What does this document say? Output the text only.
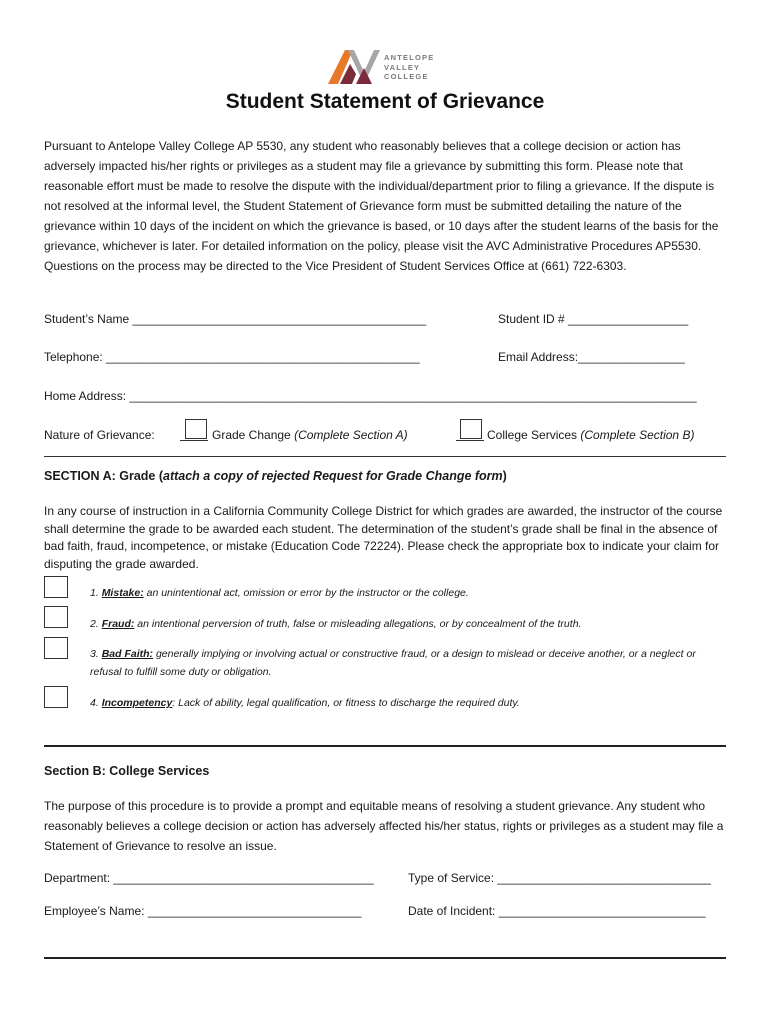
ANTELOPE
VALLEY
COLLEGE
Student Statement of Grievance

Pursuant to Antelope Valley College AP 5530, any student who reasonably believes that a college decision or action has adversely impacted his/her rights or privileges as a student may file a grievance by submitting this form. Please note that reasonable effort must be made to resolve the dispute with the individual/department prior to filing a grievance. If the dispute is not resolved at the informal level, the Student Statement of Grievance form must be submitted detailing the nature of the grievance within 10 days of the incident on which the grievance is based, or 10 days after the student learns of the basis for the grievance, whichever is later. For detailed information on the policy, please visit the AVC Administrative Procedures AP5530. Questions on the process may be directed to the Vice President of Student Services Office at (661) 722-6303.

Student’s Name ____________________________________________	Student ID # __________________
Telephone: _______________________________________________	Email Address:________________
Home Address: _____________________________________________________________________________________
Nature of Grievance:	Grade Change (Complete Section A)	College Services (Complete Section B)
SECTION A: Grade (attach a copy of rejected Request for Grade Change form)

In any course of instruction in a California Community College District for which grades are awarded, the instructor of the course shall determine the grade to be awarded each student. The determination of the student’s grade shall be final in the absence of bad faith, fraud, incompetence, or mistake (Education Code 72224). Please check the appropriate box to indicate your claim for disputing the grade awarded.

1. Mistake: an unintentional act, omission or error by the instructor or the college.
2. Fraud: an intentional perversion of truth, false or misleading allegations, or by concealment of the truth.
3. Bad Faith: generally implying or involving actual or constructive fraud, or a design to mislead or deceive another, or a neglect or refusal to fulfill some duty or obligation.
4. Incompetency: Lack of ability, legal qualification, or fitness to discharge the required duty.
Section B: College Services

The purpose of this procedure is to provide a prompt and equitable means of resolving a student grievance. Any student who reasonably believes a college decision or action has adversely affected his/her status, rights or privileges as a student may file a Statement of Grievance to resolve an issue.

Department: _______________________________________	Type of Service: ________________________________
Employee’s Name: ________________________________	Date of Incident: _______________________________
